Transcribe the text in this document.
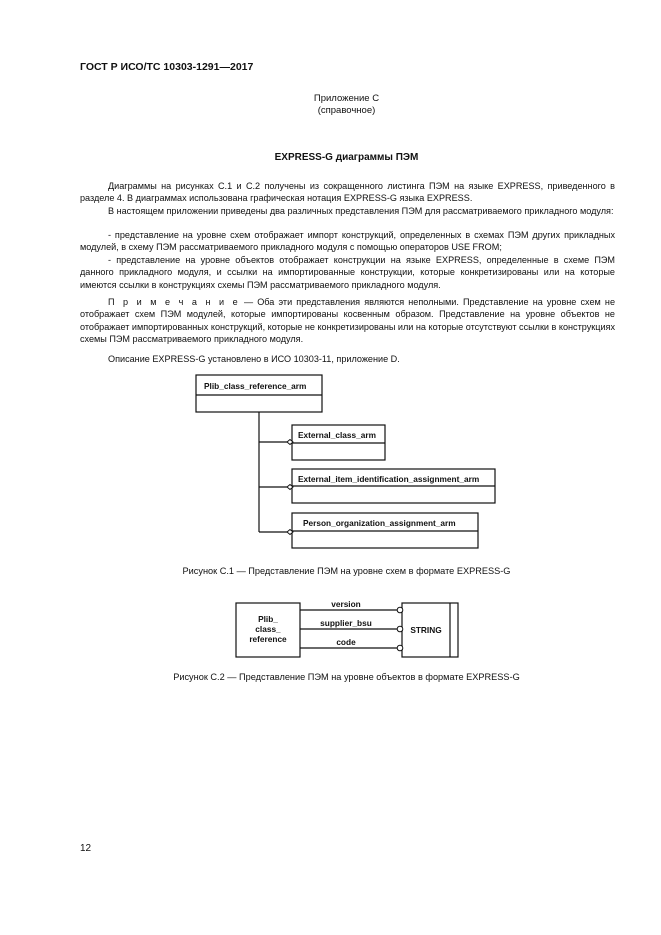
ГОСТ Р ИСО/ТС 10303-1291—2017
Приложение С
(справочное)
EXPRESS-G диаграммы ПЭМ
Диаграммы на рисунках С.1 и С.2 получены из сокращенного листинга ПЭМ на языке EXPRESS, приведенного в разделе 4. В диаграммах использована графическая нотация EXPRESS-G языка EXPRESS.
В настоящем приложении приведены два различных представления ПЭМ для рассматриваемого прикладного модуля:
- представление на уровне схем отображает импорт конструкций, определенных в схемах ПЭМ других прикладных модулей, в схему ПЭМ рассматриваемого прикладного модуля с помощью операторов USE FROM;
- представление на уровне объектов отображает конструкции на языке EXPRESS, определенные в схеме ПЭМ данного прикладного модуля, и ссылки на импортированные конструкции, которые конкретизированы или на которые имеются ссылки в конструкциях схемы ПЭМ рассматриваемого прикладного модуля.
П р и м е ч а н и е — Оба эти представления являются неполными. Представление на уровне схем не отображает схем ПЭМ модулей, которые импортированы косвенным образом. Представление на уровне объектов не отображает импортированных конструкций, которые не конкретизированы или на которые отсутствуют ссылки в конструкциях схемы ПЭМ рассматриваемого прикладного модуля.
Описание EXPRESS-G установлено в ИСО 10303-11, приложение D.
Plib_class_reference_arm
External_class_arm
External_item_identification_assignment_arm
Person_organization_assignment_arm
Рисунок С.1 — Представление ПЭМ на уровне схем в формате EXPRESS-G
Plib_
class_
reference
version
supplier_bsu
code
STRING
Рисунок С.2 — Представление ПЭМ на уровне объектов в формате EXPRESS-G
12
